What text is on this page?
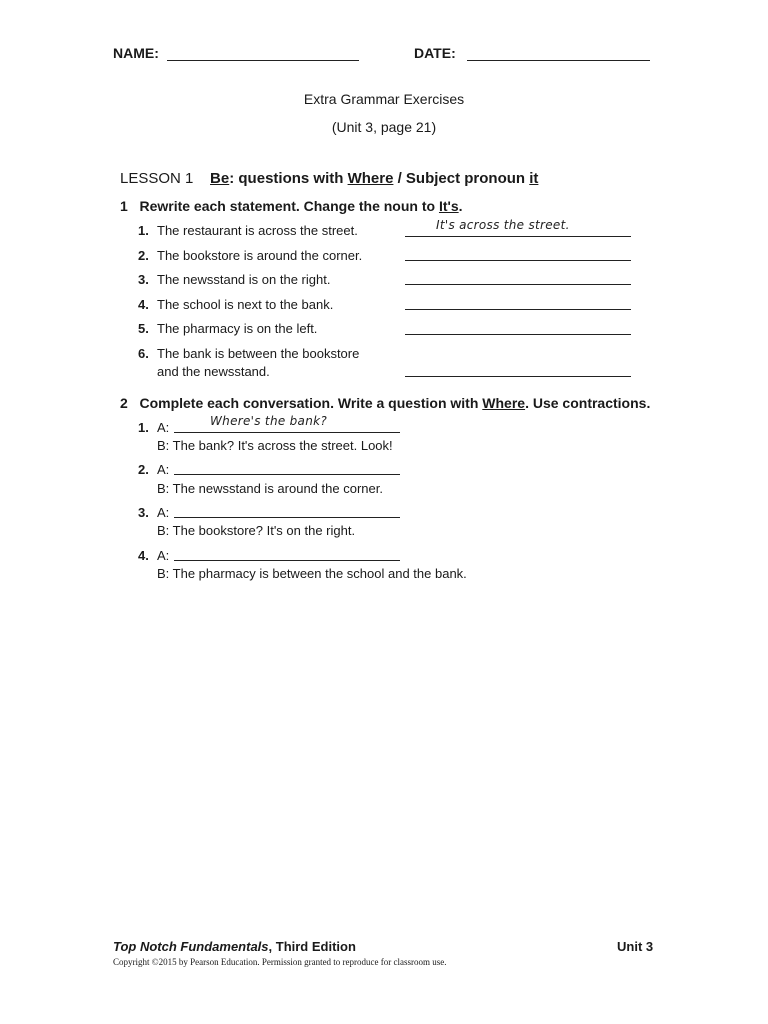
NAME:	DATE:
Extra Grammar Exercises
(Unit 3, page 21)
LESSON 1 Be: questions with Where / Subject pronoun it
1 Rewrite each statement. Change the noun to It's.
1. The restaurant is across the street.	It's across the street.
2. The bookstore is around the corner.
3. The newsstand is on the right.
4. The school is next to the bank.
5. The pharmacy is on the left.
6. The bank is between the bookstore
and the newsstand.
2 Complete each conversation. Write a question with Where. Use contractions.
1. A:	Where's the bank?
B: The bank? It's across the street. Look!
2. A:
B: The newsstand is around the corner.
3. A:
B: The bookstore? It's on the right.
4. A:
B: The pharmacy is between the school and the bank.
Top Notch Fundamentals, Third Edition	Unit 3
Copyright ©2015 by Pearson Education. Permission granted to reproduce for classroom use.
